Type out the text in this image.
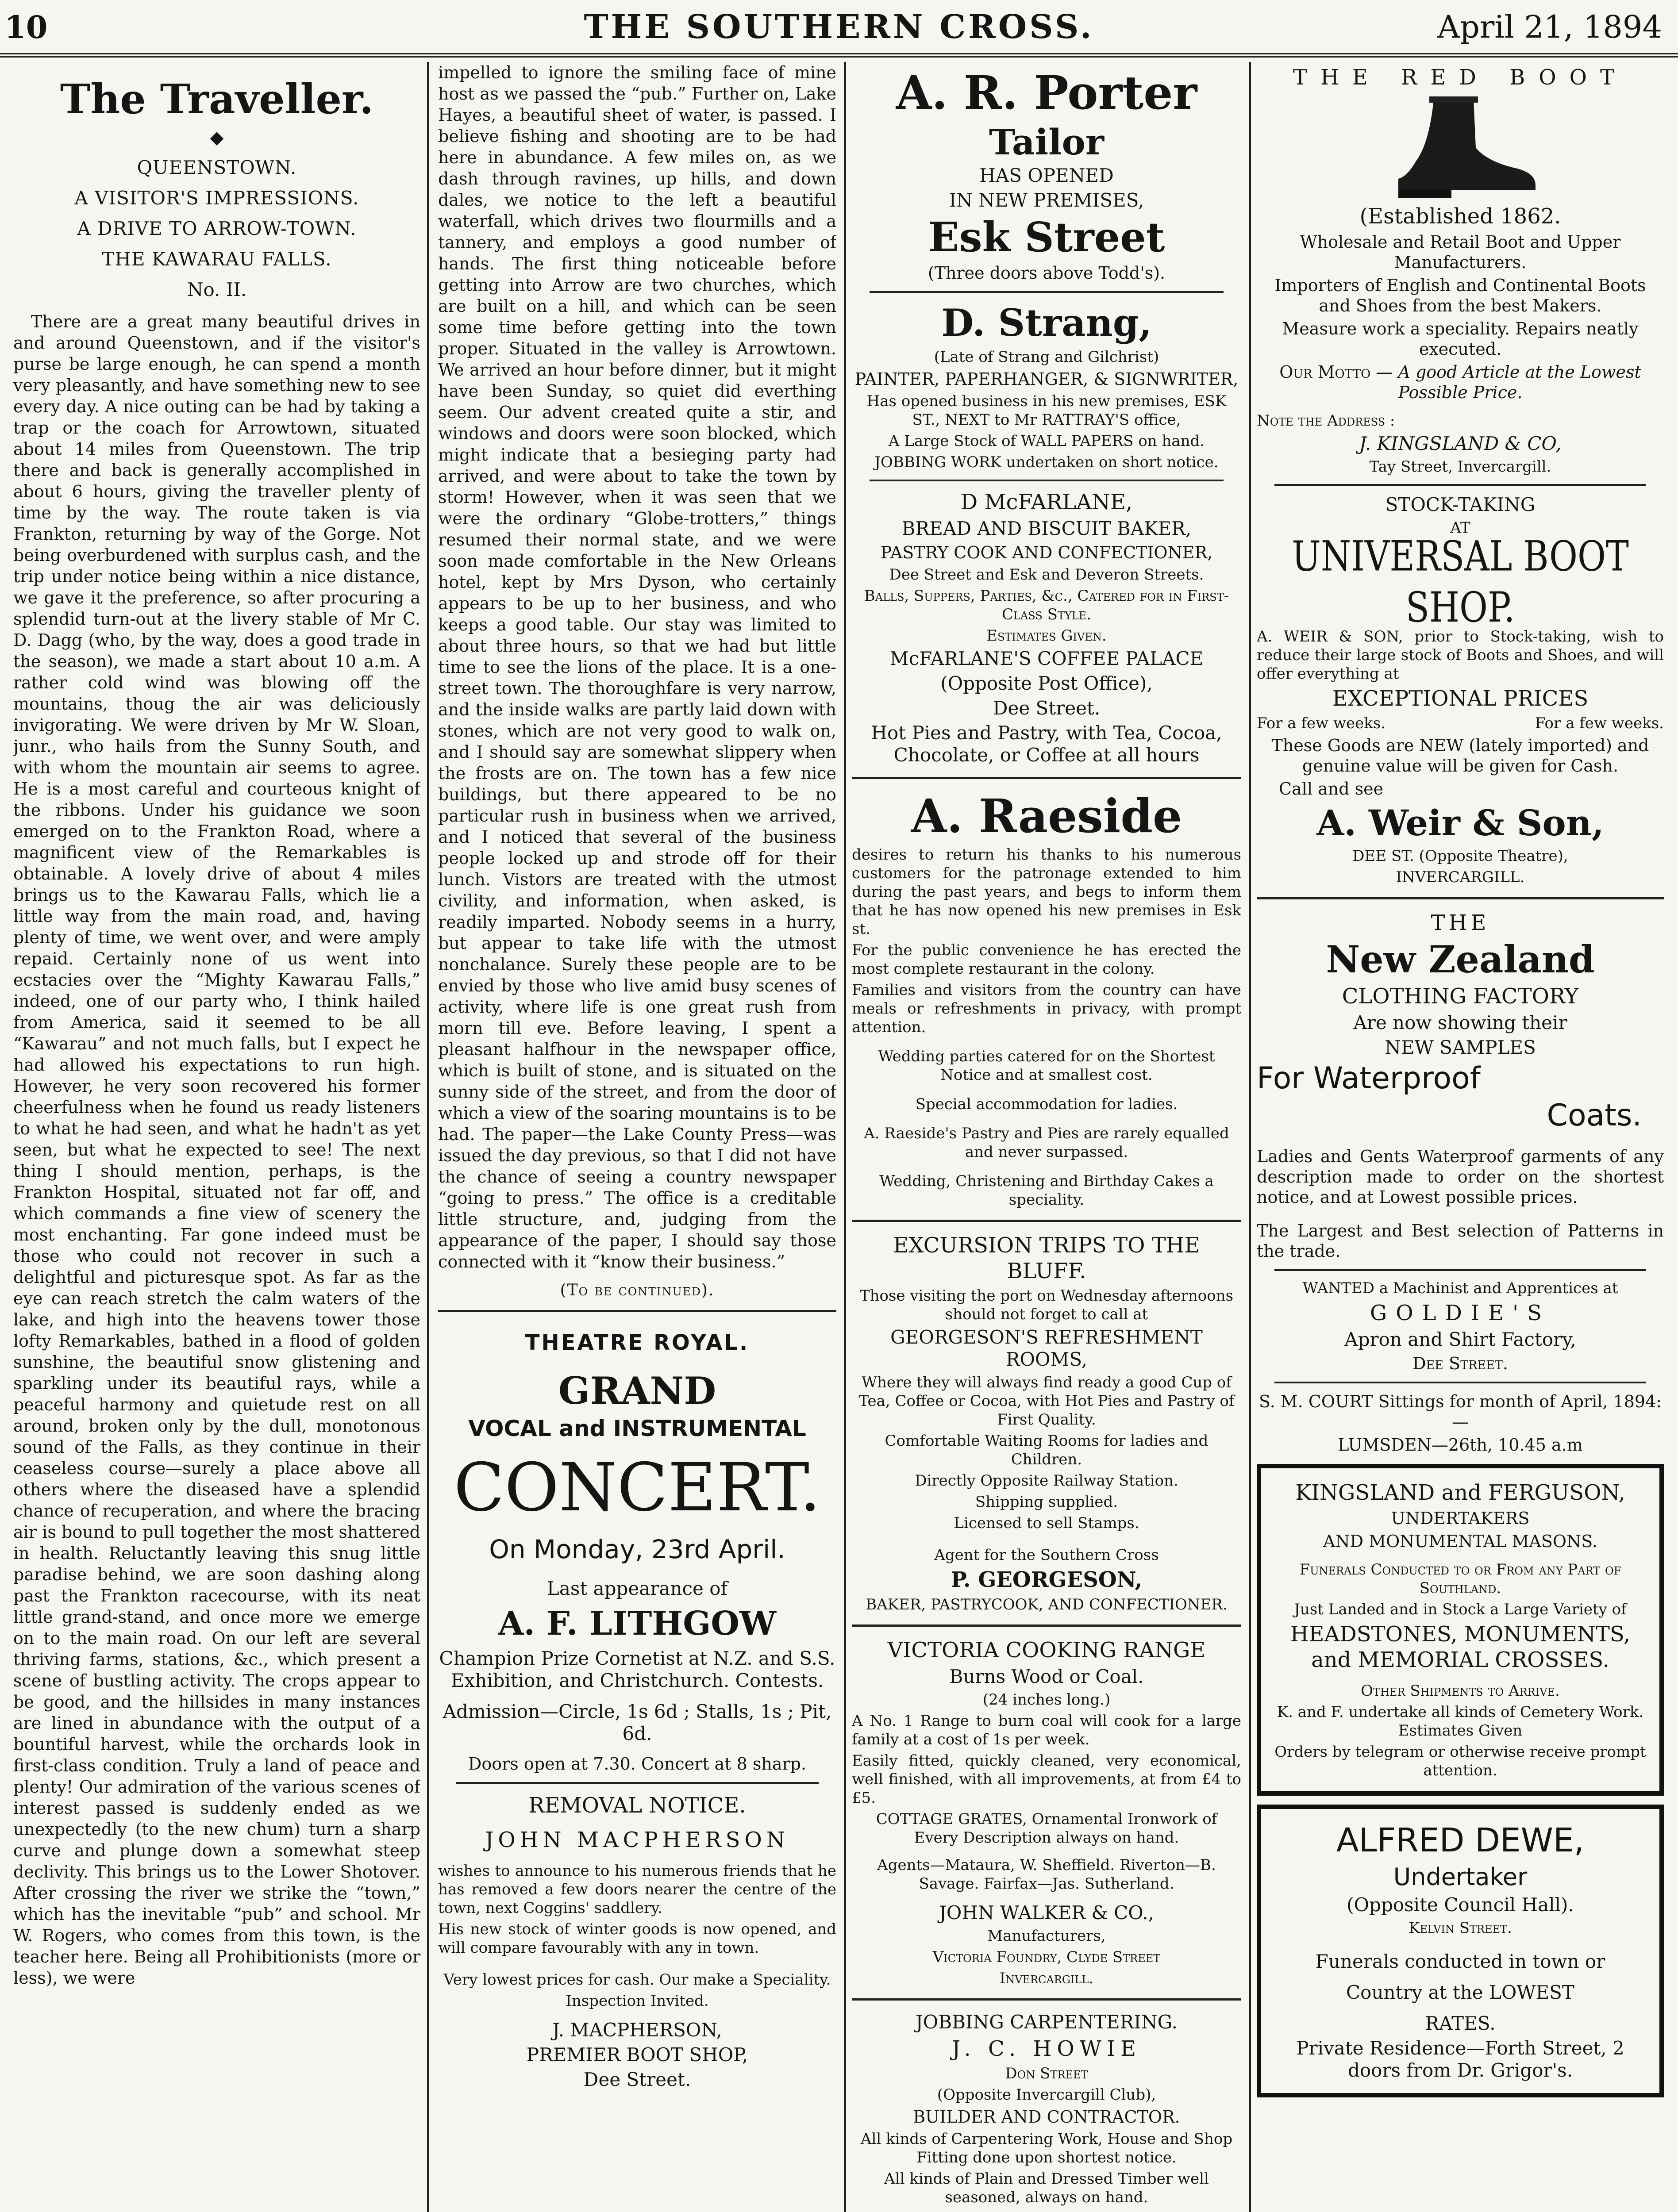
10	THE SOUTHERN CROSS.	April 21, 1894
The Traveller.
◆
QUEENSTOWN.
A VISITOR'S IMPRESSIONS.
A DRIVE TO ARROW-TOWN.
THE KAWARAU FALLS.
No. II.

There are a great many beautiful drives in and around Queenstown, and if the visitor's purse be large enough, he can spend a month very pleasantly, and have something new to see every day. A nice outing can be had by taking a trap or the coach for Arrowtown, situated about 14 miles from Queenstown. The trip there and back is generally accomplished in about 6 hours, giving the traveller plenty of time by the way. The route taken is via Frankton, returning by way of the Gorge. Not being overburdened with surplus cash, and the trip under notice being within a nice distance, we gave it the preference, so after procuring a splendid turn-out at the livery stable of Mr C. D. Dagg (who, by the way, does a good trade in the season), we made a start about 10 a.m. A rather cold wind was blowing off the mountains, thoug the air was deliciously invigorating. We were driven by Mr W. Sloan, junr., who hails from the Sunny South, and with whom the mountain air seems to agree. He is a most careful and courteous knight of the ribbons. Under his guidance we soon emerged on to the Frankton Road, where a magnificent view of the Remarkables is obtainable. A lovely drive of about 4 miles brings us to the Kawarau Falls, which lie a little way from the main road, and, having plenty of time, we went over, and were amply repaid. Certainly none of us went into ecstacies over the “Mighty Kawarau Falls,” indeed, one of our party who, I think hailed from America, said it seemed to be all “Kawarau” and not much falls, but I expect he had allowed his expectations to run high. However, he very soon recovered his former cheerfulness when he found us ready listeners to what he had seen, and what he hadn't as yet seen, but what he expected to see! The next thing I should mention, perhaps, is the Frankton Hospital, situated not far off, and which commands a fine view of scenery the most enchanting. Far gone indeed must be those who could not recover in such a delightful and picturesque spot. As far as the eye can reach stretch the calm waters of the lake, and high into the heavens tower those lofty Remarkables, bathed in a flood of golden sunshine, the beautiful snow glistening and sparkling under its beautiful rays, while a peaceful harmony and quietude rest on all around, broken only by the dull, monotonous sound of the Falls, as they continue in their ceaseless course—surely a place above all others where the diseased have a splendid chance of recuperation, and where the bracing air is bound to pull together the most shattered in health. Reluctantly leaving this snug little paradise behind, we are soon dashing along past the Frankton racecourse, with its neat little grand-stand, and once more we emerge on to the main road. On our left are several thriving farms, stations, &c., which present a scene of bustling activity. The crops appear to be good, and the hillsides in many instances are lined in abundance with the output of a bountiful harvest, while the orchards look in first-class condition. Truly a land of peace and plenty! Our admiration of the various scenes of interest passed is suddenly ended as we unexpectedly (to the new chum) turn a sharp curve and plunge down a somewhat steep declivity. This brings us to the Lower Shotover. After crossing the river we strike the “town,” which has the inevitable “pub” and school. Mr W. Rogers, who comes from this town, is the teacher here. Being all Prohibitionists (more or less), we were

impelled to ignore the smiling face of mine host as we passed the “pub.” Further on, Lake Hayes, a beautiful sheet of water, is passed. I believe fishing and shooting are to be had here in abundance. A few miles on, as we dash through ravines, up hills, and down dales, we notice to the left a beautiful waterfall, which drives two flourmills and a tannery, and employs a good number of hands. The first thing noticeable before getting into Arrow are two churches, which are built on a hill, and which can be seen some time before getting into the town proper. Situated in the valley is Arrowtown. We arrived an hour before dinner, but it might have been Sunday, so quiet did everthing seem. Our advent created quite a stir, and windows and doors were soon blocked, which might indicate that a besieging party had arrived, and were about to take the town by storm! However, when it was seen that we were the ordinary “Globe-trotters,” things resumed their normal state, and we were soon made comfortable in the New Orleans hotel, kept by Mrs Dyson, who certainly appears to be up to her business, and who keeps a good table. Our stay was limited to about three hours, so that we had but little time to see the lions of the place. It is a one-street town. The thoroughfare is very narrow, and the inside walks are partly laid down with stones, which are not very good to walk on, and I should say are somewhat slippery when the frosts are on. The town has a few nice buildings, but there appeared to be no particular rush in business when we arrived, and I noticed that several of the business people locked up and strode off for their lunch. Vistors are treated with the utmost civility, and information, when asked, is readily imparted. Nobody seems in a hurry, but appear to take life with the utmost nonchalance. Surely these people are to be envied by those who live amid busy scenes of activity, where life is one great rush from morn till eve. Before leaving, I spent a pleasant halfhour in the newspaper office, which is built of stone, and is situated on the sunny side of the street, and from the door of which a view of the soaring mountains is to be had. The paper—the Lake County Press—was issued the day previous, so that I did not have the chance of seeing a country newspaper “going to press.” The office is a creditable little structure, and, judging from the appearance of the paper, I should say those connected with it “know their business.”

(To be continued).

THEATRE ROYAL.

GRAND

VOCAL and INSTRUMENTAL

CONCERT.

On Monday, 23rd April.

Last appearance of

A. F. LITHGOW

Champion Prize Cornetist at N.Z. and S.S. Exhibition, and Christchurch. Contests.

Admission—Circle, 1s 6d ; Stalls, 1s ; Pit, 6d.

Doors open at 7.30. Concert at 8 sharp.

REMOVAL NOTICE.

JOHN MACPHERSON

wishes to announce to his numerous friends that he has removed a few doors nearer the centre of the town, next Coggins' saddlery.

His new stock of winter goods is now opened, and will compare favourably with any in town.

Very lowest prices for cash. Our make a Speciality.

Inspection Invited.

J. MACPHERSON,

PREMIER BOOT SHOP,

Dee Street.

A. R. Porter

Tailor

HAS OPENED

IN NEW PREMISES,

Esk Street

(Three doors above Todd's).

D. Strang,

(Late of Strang and Gilchrist)

PAINTER, PAPERHANGER, & SIGNWRITER,

Has opened business in his new premises, ESK ST., NEXT to Mr RATTRAY'S office,

A Large Stock of WALL PAPERS on hand.

JOBBING WORK undertaken on short notice.

D McFARLANE,

BREAD AND BISCUIT BAKER,

PASTRY COOK AND CONFECTIONER,

Dee Street and Esk and Deveron Streets.

Balls, Suppers, Parties, &c., Catered for in First-Class Style.

Estimates Given.

McFARLANE'S COFFEE PALACE

(Opposite Post Office),

Dee Street.

Hot Pies and Pastry, with Tea, Cocoa, Chocolate, or Coffee at all hours

A. Raeside

desires to return his thanks to his numerous customers for the patronage extended to him during the past years, and begs to inform them that he has now opened his new premises in Esk st.

For the public convenience he has erected the most complete restaurant in the colony.

Families and visitors from the country can have meals or refreshments in privacy, with prompt attention.

Wedding parties catered for on the Shortest Notice and at smallest cost.

Special accommodation for ladies.

A. Raeside's Pastry and Pies are rarely equalled and never surpassed.

Wedding, Christening and Birthday Cakes a speciality.

EXCURSION TRIPS TO THE BLUFF.

Those visiting the port on Wednesday afternoons should not forget to call at

GEORGESON'S REFRESHMENT ROOMS,

Where they will always find ready a good Cup of Tea, Coffee or Cocoa, with Hot Pies and Pastry of First Quality.

Comfortable Waiting Rooms for ladies and Children.

Directly Opposite Railway Station.

Shipping supplied.

Licensed to sell Stamps.

Agent for the Southern Cross

P. GEORGESON,

BAKER, PASTRYCOOK, AND CONFECTIONER.

VICTORIA COOKING RANGE

Burns Wood or Coal.

(24 inches long.)

A No. 1 Range to burn coal will cook for a large family at a cost of 1s per week.

Easily fitted, quickly cleaned, very economical, well finished, with all improvements, at from £4 to £5.

COTTAGE GRATES, Ornamental Ironwork of Every Description always on hand.

Agents—Mataura, W. Sheffield. Riverton—B. Savage. Fairfax—Jas. Sutherland.

JOHN WALKER & CO.,

Manufacturers,

Victoria Foundry, Clyde Street

Invercargill.

JOBBING CARPENTERING.

J. C. HOWIE

Don Street

(Opposite Invercargill Club),

BUILDER AND CONTRACTOR.

All kinds of Carpentering Work, House and Shop Fitting done upon shortest notice.

All kinds of Plain and Dressed Timber well seasoned, always on hand.

THE RED BOOT

(Established 1862.

Wholesale and Retail Boot and Upper Manufacturers.

Importers of English and Continental Boots and Shoes from the best Makers.

Measure work a speciality. Repairs neatly executed.

Our Motto — A good Article at the Lowest Possible Price.

Note the Address :

J. KINGSLAND & CO,

Tay Street, Invercargill.

STOCK-TAKING

AT

UNIVERSAL BOOT SHOP.

A. WEIR & SON, prior to Stock-taking, wish to reduce their large stock of Boots and Shoes, and will offer everything at

EXCEPTIONAL PRICES

For a few weeks.	For a few weeks.

These Goods are NEW (lately imported) and genuine value will be given for Cash.

Call and see

A. Weir & Son,

DEE ST. (Opposite Theatre),

INVERCARGILL.

THE

New Zealand

CLOTHING FACTORY

Are now showing their

NEW SAMPLES

For Waterproof

Coats.

Ladies and Gents Waterproof garments of any description made to order on the shortest notice, and at Lowest possible prices.

The Largest and Best selection of Patterns in the trade.

WANTED a Machinist and Apprentices at

GOLDIE'S

Apron and Shirt Factory,

Dee Street.

S. M. COURT Sittings for month of April, 1894:—

LUMSDEN—26th, 10.45 a.m

KINGSLAND and FERGUSON,

UNDERTAKERS

AND MONUMENTAL MASONS.

Funerals Conducted to or From any Part of Southland.

Just Landed and in Stock a Large Variety of

HEADSTONES, MONUMENTS, and MEMORIAL CROSSES.

Other Shipments to Arrive.

K. and F. undertake all kinds of Cemetery Work. Estimates Given

Orders by telegram or otherwise receive prompt attention.

ALFRED DEWE,

Undertaker

(Opposite Council Hall).

Kelvin Street.

Funerals conducted in town or

Country at the LOWEST

RATES.

Private Residence—Forth Street, 2 doors from Dr. Grigor's.
